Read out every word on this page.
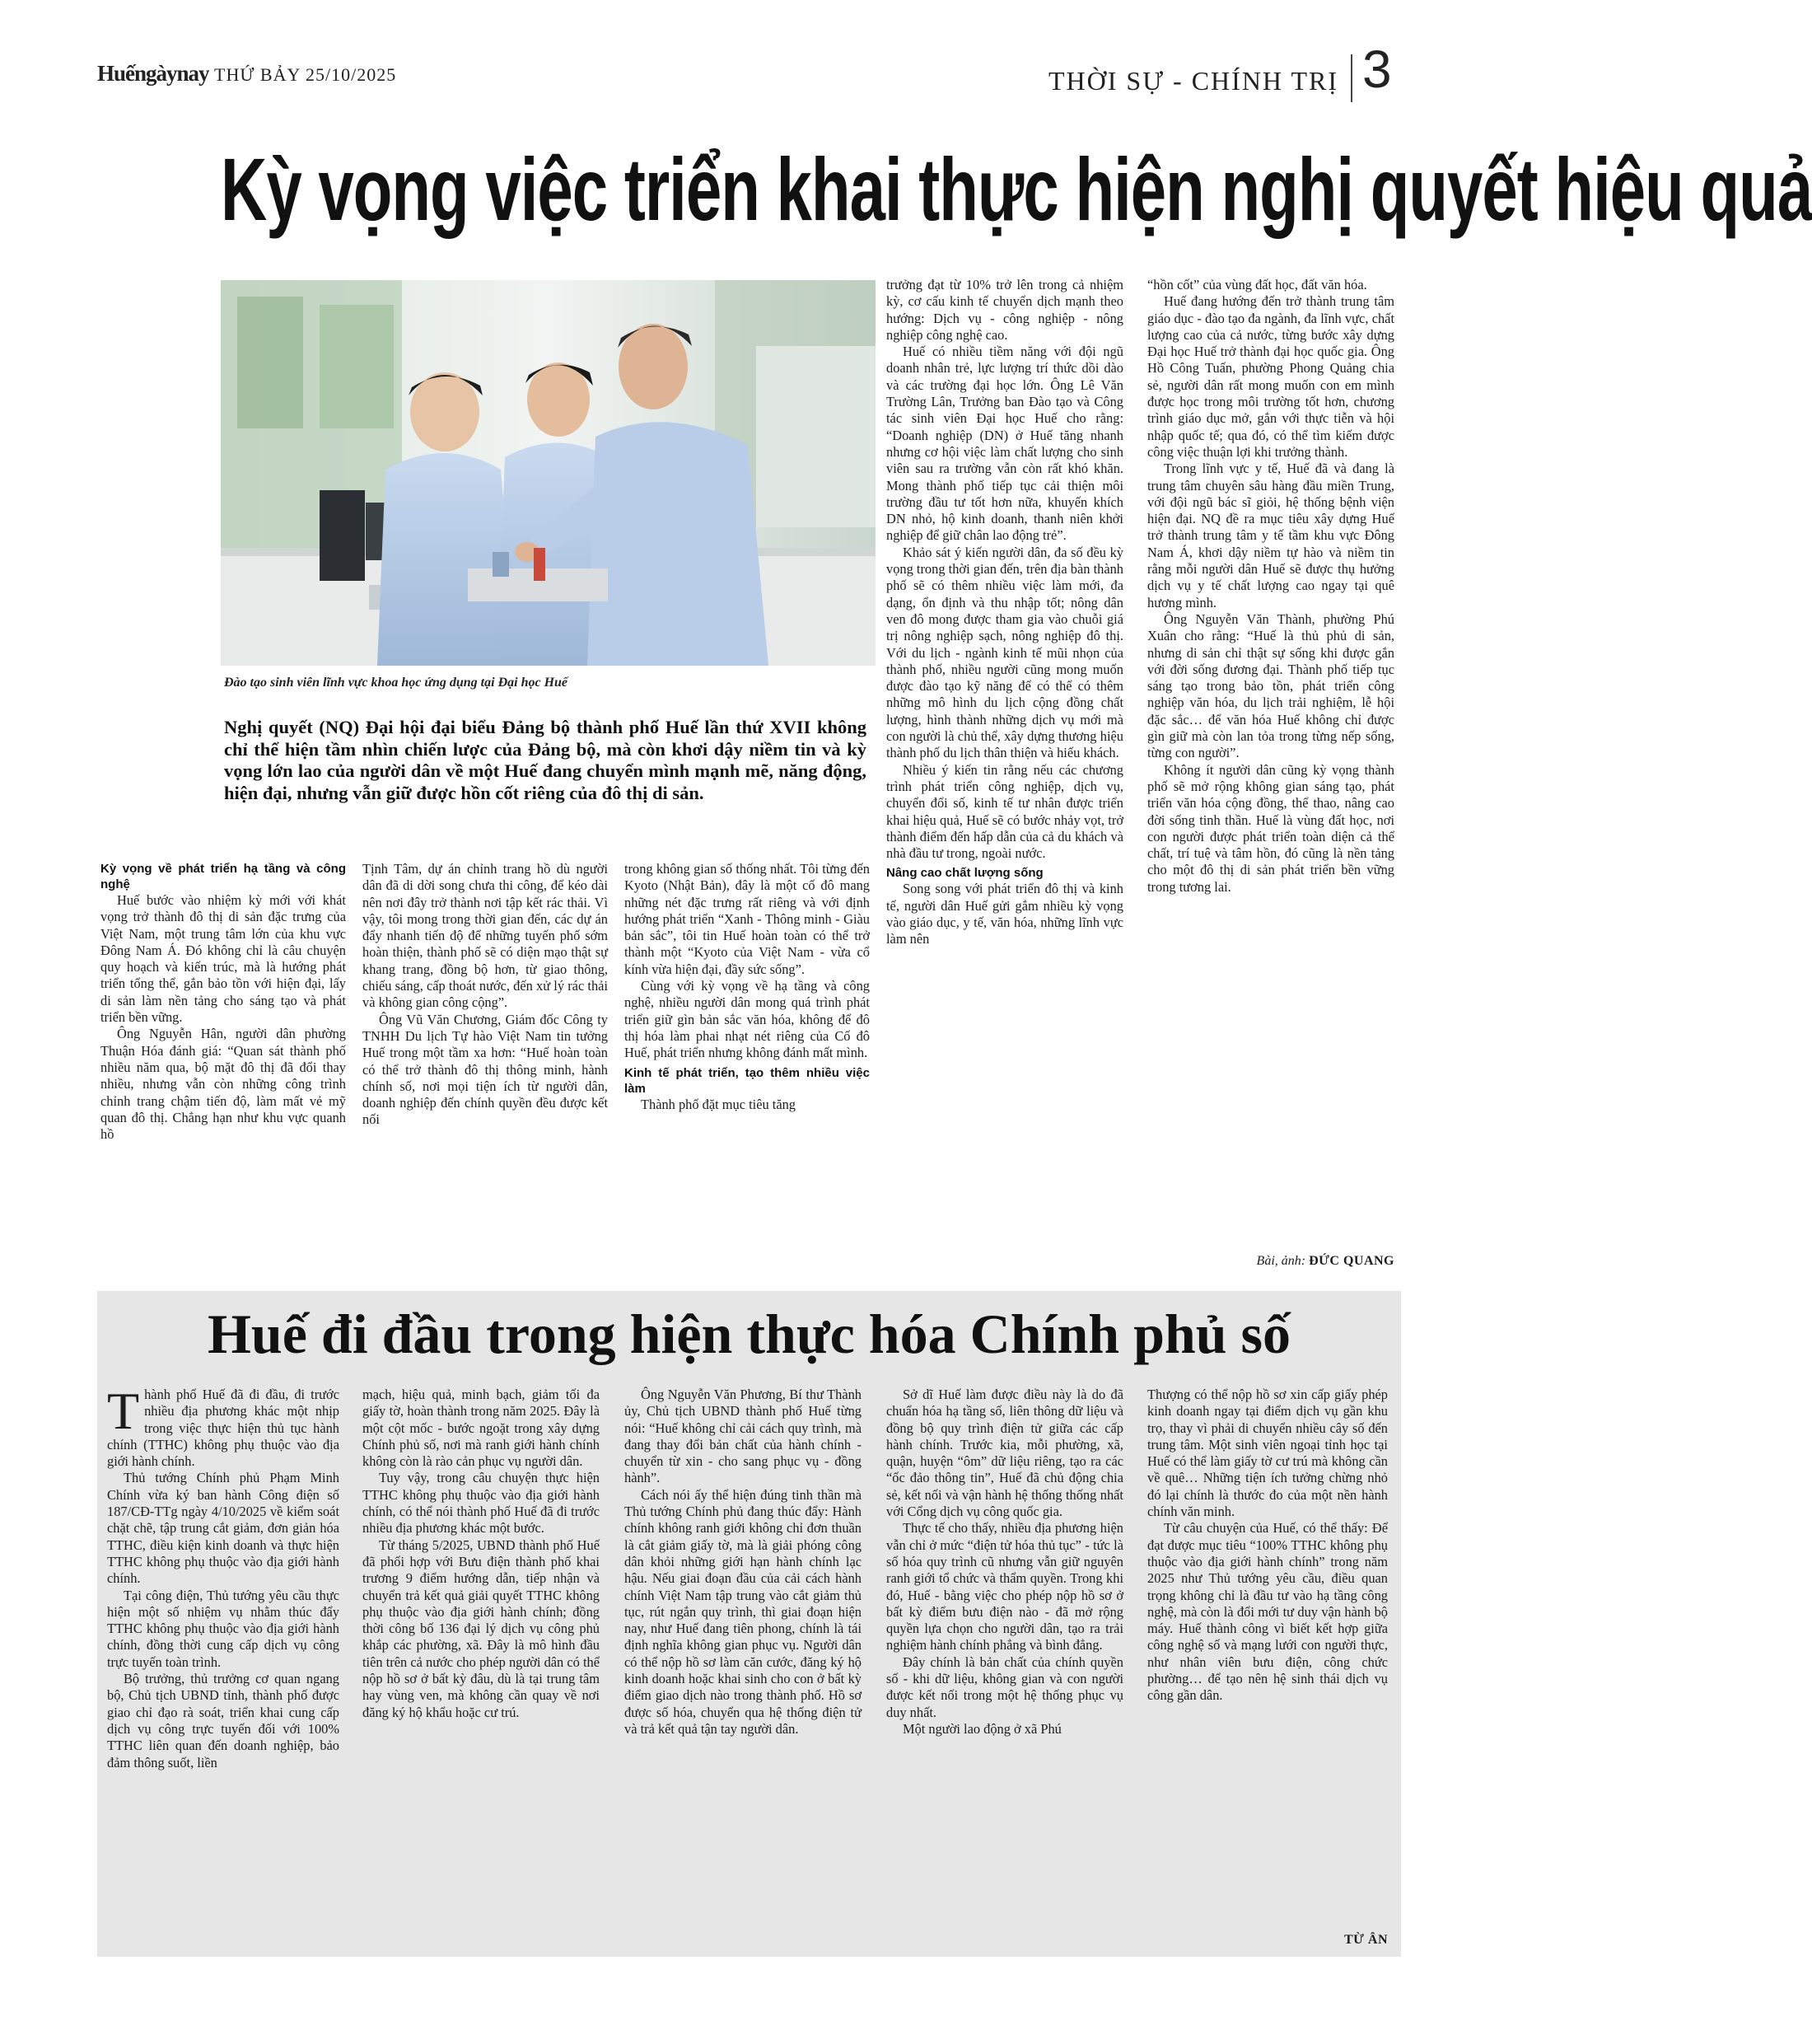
Huếngàynay THỨ BẢY 25/10/2025	THỜI SỰ - CHÍNH TRỊ 3
Kỳ vọng việc triển khai thực hiện nghị quyết hiệu quả
Đào tạo sinh viên lĩnh vực khoa học ứng dụng tại Đại học Huế
Nghị quyết (NQ) Đại hội đại biểu Đảng bộ thành phố Huế lần thứ XVII không chỉ thể hiện tầm nhìn chiến lược của Đảng bộ, mà còn khơi dậy niềm tin và kỳ vọng lớn lao của người dân về một Huế đang chuyển mình mạnh mẽ, năng động, hiện đại, nhưng vẫn giữ được hồn cốt riêng của đô thị di sản.
Kỳ vọng về phát triển hạ tầng và công nghệ

Huế bước vào nhiệm kỳ mới với khát vọng trở thành đô thị di sản đặc trưng của Việt Nam, một trung tâm lớn của khu vực Đông Nam Á. Đó không chỉ là câu chuyện quy hoạch và kiến trúc, mà là hướng phát triển tổng thể, gắn bảo tồn với hiện đại, lấy di sản làm nền tảng cho sáng tạo và phát triển bền vững.

Ông Nguyễn Hân, người dân phường Thuận Hóa đánh giá: “Quan sát thành phố nhiều năm qua, bộ mặt đô thị đã đổi thay nhiều, nhưng vẫn còn những công trình chỉnh trang chậm tiến độ, làm mất vẻ mỹ quan đô thị. Chẳng hạn như khu vực quanh hồ

Tịnh Tâm, dự án chỉnh trang hồ dù người dân đã di dời song chưa thi công, để kéo dài nên nơi đây trở thành nơi tập kết rác thải. Vì vậy, tôi mong trong thời gian đến, các dự án đẩy nhanh tiến độ để những tuyến phố sớm hoàn thiện, thành phố sẽ có diện mạo thật sự khang trang, đồng bộ hơn, từ giao thông, chiếu sáng, cấp thoát nước, đến xử lý rác thải và không gian công cộng”.

Ông Vũ Văn Chương, Giám đốc Công ty TNHH Du lịch Tự hào Việt Nam tin tưởng Huế trong một tầm xa hơn: “Huế hoàn toàn có thể trở thành đô thị thông minh, hành chính số, nơi mọi tiện ích từ người dân, doanh nghiệp đến chính quyền đều được kết nối

trong không gian số thống nhất. Tôi từng đến Kyoto (Nhật Bản), đây là một cố đô mang những nét đặc trưng rất riêng và với định hướng phát triển “Xanh - Thông minh - Giàu bản sắc”, tôi tin Huế hoàn toàn có thể trở thành một “Kyoto của Việt Nam - vừa cổ kính vừa hiện đại, đầy sức sống”.

Cùng với kỳ vọng về hạ tầng và công nghệ, nhiều người dân mong quá trình phát triển giữ gìn bản sắc văn hóa, không để đô thị hóa làm phai nhạt nét riêng của Cố đô Huế, phát triển nhưng không đánh mất mình.

Kinh tế phát triển, tạo thêm nhiều việc làm

Thành phố đặt mục tiêu tăng

trưởng đạt từ 10% trở lên trong cả nhiệm kỳ, cơ cấu kinh tế chuyển dịch mạnh theo hướng: Dịch vụ - công nghiệp - nông nghiệp công nghệ cao.

Huế có nhiều tiềm năng với đội ngũ doanh nhân trẻ, lực lượng trí thức dồi dào và các trường đại học lớn. Ông Lê Văn Trường Lân, Trưởng ban Đào tạo và Công tác sinh viên Đại học Huế cho rằng: “Doanh nghiệp (DN) ở Huế tăng nhanh nhưng cơ hội việc làm chất lượng cho sinh viên sau ra trường vẫn còn rất khó khăn. Mong thành phố tiếp tục cải thiện môi trường đầu tư tốt hơn nữa, khuyến khích DN nhỏ, hộ kinh doanh, thanh niên khởi nghiệp để giữ chân lao động trẻ”.

Khảo sát ý kiến người dân, đa số đều kỳ vọng trong thời gian đến, trên địa bàn thành phố sẽ có thêm nhiều việc làm mới, đa dạng, ổn định và thu nhập tốt; nông dân ven đô mong được tham gia vào chuỗi giá trị nông nghiệp sạch, nông nghiệp đô thị. Với du lịch - ngành kinh tế mũi nhọn của thành phố, nhiều người cũng mong muốn được đào tạo kỹ năng để có thể có thêm những mô hình du lịch cộng đồng chất lượng, hình thành những dịch vụ mới mà con người là chủ thể, xây dựng thương hiệu thành phố du lịch thân thiện và hiếu khách.

Nhiều ý kiến tin rằng nếu các chương trình phát triển công nghiệp, dịch vụ, chuyển đổi số, kinh tế tư nhân được triển khai hiệu quả, Huế sẽ có bước nhảy vọt, trở thành điểm đến hấp dẫn của cả du khách và nhà đầu tư trong, ngoài nước.

Nâng cao chất lượng sống

Song song với phát triển đô thị và kinh tế, người dân Huế gửi gắm nhiều kỳ vọng vào giáo dục, y tế, văn hóa, những lĩnh vực làm nên

“hồn cốt” của vùng đất học, đất văn hóa.

Huế đang hướng đến trở thành trung tâm giáo dục - đào tạo đa ngành, đa lĩnh vực, chất lượng cao của cả nước, từng bước xây dựng Đại học Huế trở thành đại học quốc gia. Ông Hồ Công Tuấn, phường Phong Quảng chia sẻ, người dân rất mong muốn con em mình được học trong môi trường tốt hơn, chương trình giáo dục mở, gắn với thực tiễn và hội nhập quốc tế; qua đó, có thể tìm kiếm được công việc thuận lợi khi trưởng thành.

Trong lĩnh vực y tế, Huế đã và đang là trung tâm chuyên sâu hàng đầu miền Trung, với đội ngũ bác sĩ giỏi, hệ thống bệnh viện hiện đại. NQ đề ra mục tiêu xây dựng Huế trở thành trung tâm y tế tầm khu vực Đông Nam Á, khơi dậy niềm tự hào và niềm tin rằng mỗi người dân Huế sẽ được thụ hưởng dịch vụ y tế chất lượng cao ngay tại quê hương mình.

Ông Nguyễn Văn Thành, phường Phú Xuân cho rằng: “Huế là thủ phủ di sản, nhưng di sản chỉ thật sự sống khi được gắn với đời sống đương đại. Thành phố tiếp tục sáng tạo trong bảo tồn, phát triển công nghiệp văn hóa, du lịch trải nghiệm, lễ hội đặc sắc… để văn hóa Huế không chỉ được gìn giữ mà còn lan tỏa trong từng nếp sống, từng con người”.

Không ít người dân cũng kỳ vọng thành phố sẽ mở rộng không gian sáng tạo, phát triển văn hóa cộng đồng, thể thao, nâng cao đời sống tinh thần. Huế là vùng đất học, nơi con người được phát triển toàn diện cả thể chất, trí tuệ và tâm hồn, đó cũng là nền tảng cho một đô thị di sản phát triển bền vững trong tương lai.

Bài, ảnh: ĐỨC QUANG
Huế đi đầu trong hiện thực hóa Chính phủ số

Thành phố Huế đã đi đầu, đi trước nhiều địa phương khác một nhịp trong việc thực hiện thủ tục hành chính (TTHC) không phụ thuộc vào địa giới hành chính.

Thủ tướng Chính phủ Phạm Minh Chính vừa ký ban hành Công điện số 187/CĐ-TTg ngày 4/10/2025 về kiểm soát chặt chẽ, tập trung cắt giảm, đơn giản hóa TTHC, điều kiện kinh doanh và thực hiện TTHC không phụ thuộc vào địa giới hành chính.

Tại công điện, Thủ tướng yêu cầu thực hiện một số nhiệm vụ nhằm thúc đẩy TTHC không phụ thuộc vào địa giới hành chính, đồng thời cung cấp dịch vụ công trực tuyến toàn trình.

Bộ trưởng, thủ trưởng cơ quan ngang bộ, Chủ tịch UBND tỉnh, thành phố được giao chỉ đạo rà soát, triển khai cung cấp dịch vụ công trực tuyến đối với 100% TTHC liên quan đến doanh nghiệp, bảo đảm thông suốt, liền

mạch, hiệu quả, minh bạch, giảm tối đa giấy tờ, hoàn thành trong năm 2025. Đây là một cột mốc - bước ngoặt trong xây dựng Chính phủ số, nơi mà ranh giới hành chính không còn là rào cản phục vụ người dân.

Tuy vậy, trong câu chuyện thực hiện TTHC không phụ thuộc vào địa giới hành chính, có thể nói thành phố Huế đã đi trước nhiều địa phương khác một bước.

Từ tháng 5/2025, UBND thành phố Huế đã phối hợp với Bưu điện thành phố khai trương 9 điểm hướng dẫn, tiếp nhận và chuyển trả kết quả giải quyết TTHC không phụ thuộc vào địa giới hành chính; đồng thời công bố 136 đại lý dịch vụ công phủ khắp các phường, xã. Đây là mô hình đầu tiên trên cả nước cho phép người dân có thể nộp hồ sơ ở bất kỳ đâu, dù là tại trung tâm hay vùng ven, mà không cần quay về nơi đăng ký hộ khẩu hoặc cư trú.

Ông Nguyễn Văn Phương, Bí thư Thành ủy, Chủ tịch UBND thành phố Huế từng nói: “Huế không chỉ cải cách quy trình, mà đang thay đổi bản chất của hành chính - chuyển từ xin - cho sang phục vụ - đồng hành”.

Cách nói ấy thể hiện đúng tinh thần mà Thủ tướng Chính phủ đang thúc đẩy: Hành chính không ranh giới không chỉ đơn thuần là cắt giảm giấy tờ, mà là giải phóng công dân khỏi những giới hạn hành chính lạc hậu. Nếu giai đoạn đầu của cải cách hành chính Việt Nam tập trung vào cắt giảm thủ tục, rút ngắn quy trình, thì giai đoạn hiện nay, như Huế đang tiên phong, chính là tái định nghĩa không gian phục vụ. Người dân có thể nộp hồ sơ làm căn cước, đăng ký hộ kinh doanh hoặc khai sinh cho con ở bất kỳ điểm giao dịch nào trong thành phố. Hồ sơ được số hóa, chuyển qua hệ thống điện tử và trả kết quả tận tay người dân.

Sở dĩ Huế làm được điều này là do đã chuẩn hóa hạ tầng số, liên thông dữ liệu và đồng bộ quy trình điện tử giữa các cấp hành chính. Trước kia, mỗi phường, xã, quận, huyện “ôm” dữ liệu riêng, tạo ra các “ốc đảo thông tin”, Huế đã chủ động chia sẻ, kết nối và vận hành hệ thống thống nhất với Cổng dịch vụ công quốc gia.

Thực tế cho thấy, nhiều địa phương hiện vẫn chỉ ở mức “điện tử hóa thủ tục” - tức là số hóa quy trình cũ nhưng vẫn giữ nguyên ranh giới tổ chức và thẩm quyền. Trong khi đó, Huế - bằng việc cho phép nộp hồ sơ ở bất kỳ điểm bưu điện nào - đã mở rộng quyền lựa chọn cho người dân, tạo ra trải nghiệm hành chính phẳng và bình đẳng.

Đây chính là bản chất của chính quyền số - khi dữ liệu, không gian và con người được kết nối trong một hệ thống phục vụ duy nhất.

Một người lao động ở xã Phú

Thượng có thể nộp hồ sơ xin cấp giấy phép kinh doanh ngay tại điểm dịch vụ gần khu trọ, thay vì phải di chuyển nhiều cây số đến trung tâm. Một sinh viên ngoại tỉnh học tại Huế có thể làm giấy tờ cư trú mà không cần về quê… Những tiện ích tưởng chừng nhỏ đó lại chính là thước đo của một nền hành chính văn minh.

Từ câu chuyện của Huế, có thể thấy: Để đạt được mục tiêu “100% TTHC không phụ thuộc vào địa giới hành chính” trong năm 2025 như Thủ tướng yêu cầu, điều quan trọng không chỉ là đầu tư vào hạ tầng công nghệ, mà còn là đổi mới tư duy vận hành bộ máy. Huế thành công vì biết kết hợp giữa công nghệ số và mạng lưới con người thực, như nhân viên bưu điện, công chức phường… để tạo nên hệ sinh thái dịch vụ công gần dân.

TỪ ÂN
